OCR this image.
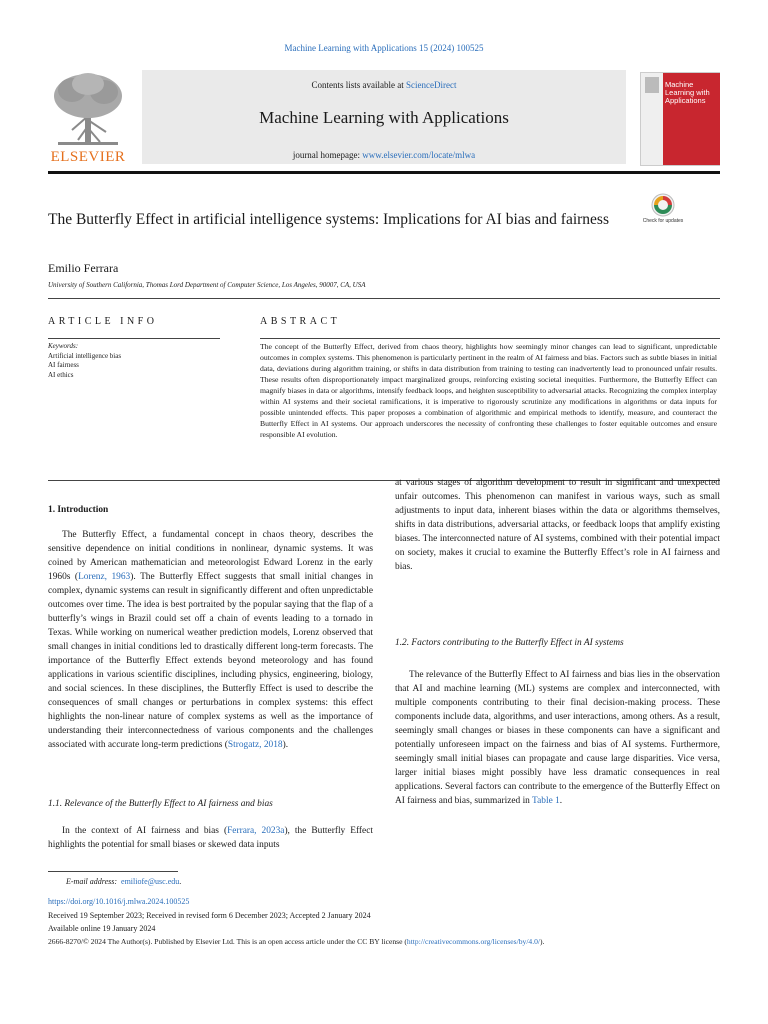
Machine Learning with Applications 15 (2024) 100525
ELSEVIER
Contents lists available at ScienceDirect
Machine Learning with Applications
journal homepage: www.elsevier.com/locate/mlwa
Machine Learning with Applications
The Butterfly Effect in artificial intelligence systems: Implications for AI bias and fairness	Check for updates
Emilio Ferrara
University of Southern California, Thomas Lord Department of Computer Science, Los Angeles, 90007, CA, USA
ARTICLE INFO	ABSTRACT
Keywords:
Artificial intelligence bias
AI fairness
AI ethics
The concept of the Butterfly Effect, derived from chaos theory, highlights how seemingly minor changes can lead to significant, unpredictable outcomes in complex systems. This phenomenon is particularly pertinent in the realm of AI fairness and bias. Factors such as subtle biases in initial data, deviations during algorithm training, or shifts in data distribution from training to testing can inadvertently lead to pronounced unfair results. These results often disproportionately impact marginalized groups, reinforcing existing societal inequities. Furthermore, the Butterfly Effect can magnify biases in data or algorithms, intensify feedback loops, and heighten susceptibility to adversarial attacks. Recognizing the complex interplay within AI systems and their societal ramifications, it is imperative to rigorously scrutinize any modifications in algorithms or data inputs for possible unintended effects. This paper proposes a combination of algorithmic and empirical methods to identify, measure, and counteract the Butterfly Effect in AI systems. Our approach underscores the necessity of confronting these challenges to foster equitable outcomes and ensure responsible AI evolution.
1. Introduction

The Butterfly Effect, a fundamental concept in chaos theory, describes the sensitive dependence on initial conditions in nonlinear, dynamic systems. It was coined by American mathematician and meteorologist Edward Lorenz in the early 1960s (Lorenz, 1963). The Butterfly Effect suggests that small initial changes in complex, dynamic systems can result in significantly different and often unpredictable outcomes over time. The idea is best portraited by the popular saying that the flap of a butterfly’s wings in Brazil could set off a chain of events leading to a tornado in Texas. While working on numerical weather prediction models, Lorenz observed that small changes in initial conditions led to drastically different long-term forecasts. The importance of the Butterfly Effect extends beyond meteorology and has found applications in various scientific disciplines, including physics, engineering, biology, and social sciences. In these disciplines, the Butterfly Effect is used to describe the consequences of small changes or perturbations in complex systems: this effect highlights the non-linear nature of complex systems as well as the importance of understanding their interconnectedness of various components and the challenges associated with accurate long-term predictions (Strogatz, 2018).

1.1. Relevance of the Butterfly Effect to AI fairness and bias

In the context of AI fairness and bias (Ferrara, 2023a), the Butterfly Effect highlights the potential for small biases or skewed data inputs

at various stages of algorithm development to result in significant and unexpected unfair outcomes. This phenomenon can manifest in various ways, such as small adjustments to input data, inherent biases within the data or algorithms themselves, shifts in data distributions, adversarial attacks, or feedback loops that amplify existing biases. The interconnected nature of AI systems, combined with their potential impact on society, makes it crucial to examine the Butterfly Effect’s role in AI fairness and bias.

1.2. Factors contributing to the Butterfly Effect in AI systems

The relevance of the Butterfly Effect to AI fairness and bias lies in the observation that AI and machine learning (ML) systems are complex and interconnected, with multiple components contributing to their final decision-making process. These components include data, algorithms, and user interactions, among others. As a result, seemingly small changes or biases in these components can have a significant and potentially unforeseen impact on the fairness and bias of AI systems. Furthermore, seemingly small initial biases can propagate and cause large disparities. Vice versa, larger initial biases might possibly have less dramatic consequences in real applications. Several factors can contribute to the emergence of the Butterfly Effect on AI fairness and bias, summarized in Table 1.

E-mail address: emiliofe@usc.edu.
https://doi.org/10.1016/j.mlwa.2024.100525
Received 19 September 2023; Received in revised form 6 December 2023; Accepted 2 January 2024
Available online 19 January 2024
2666-8270/© 2024 The Author(s). Published by Elsevier Ltd. This is an open access article under the CC BY license (http://creativecommons.org/licenses/by/4.0/).
